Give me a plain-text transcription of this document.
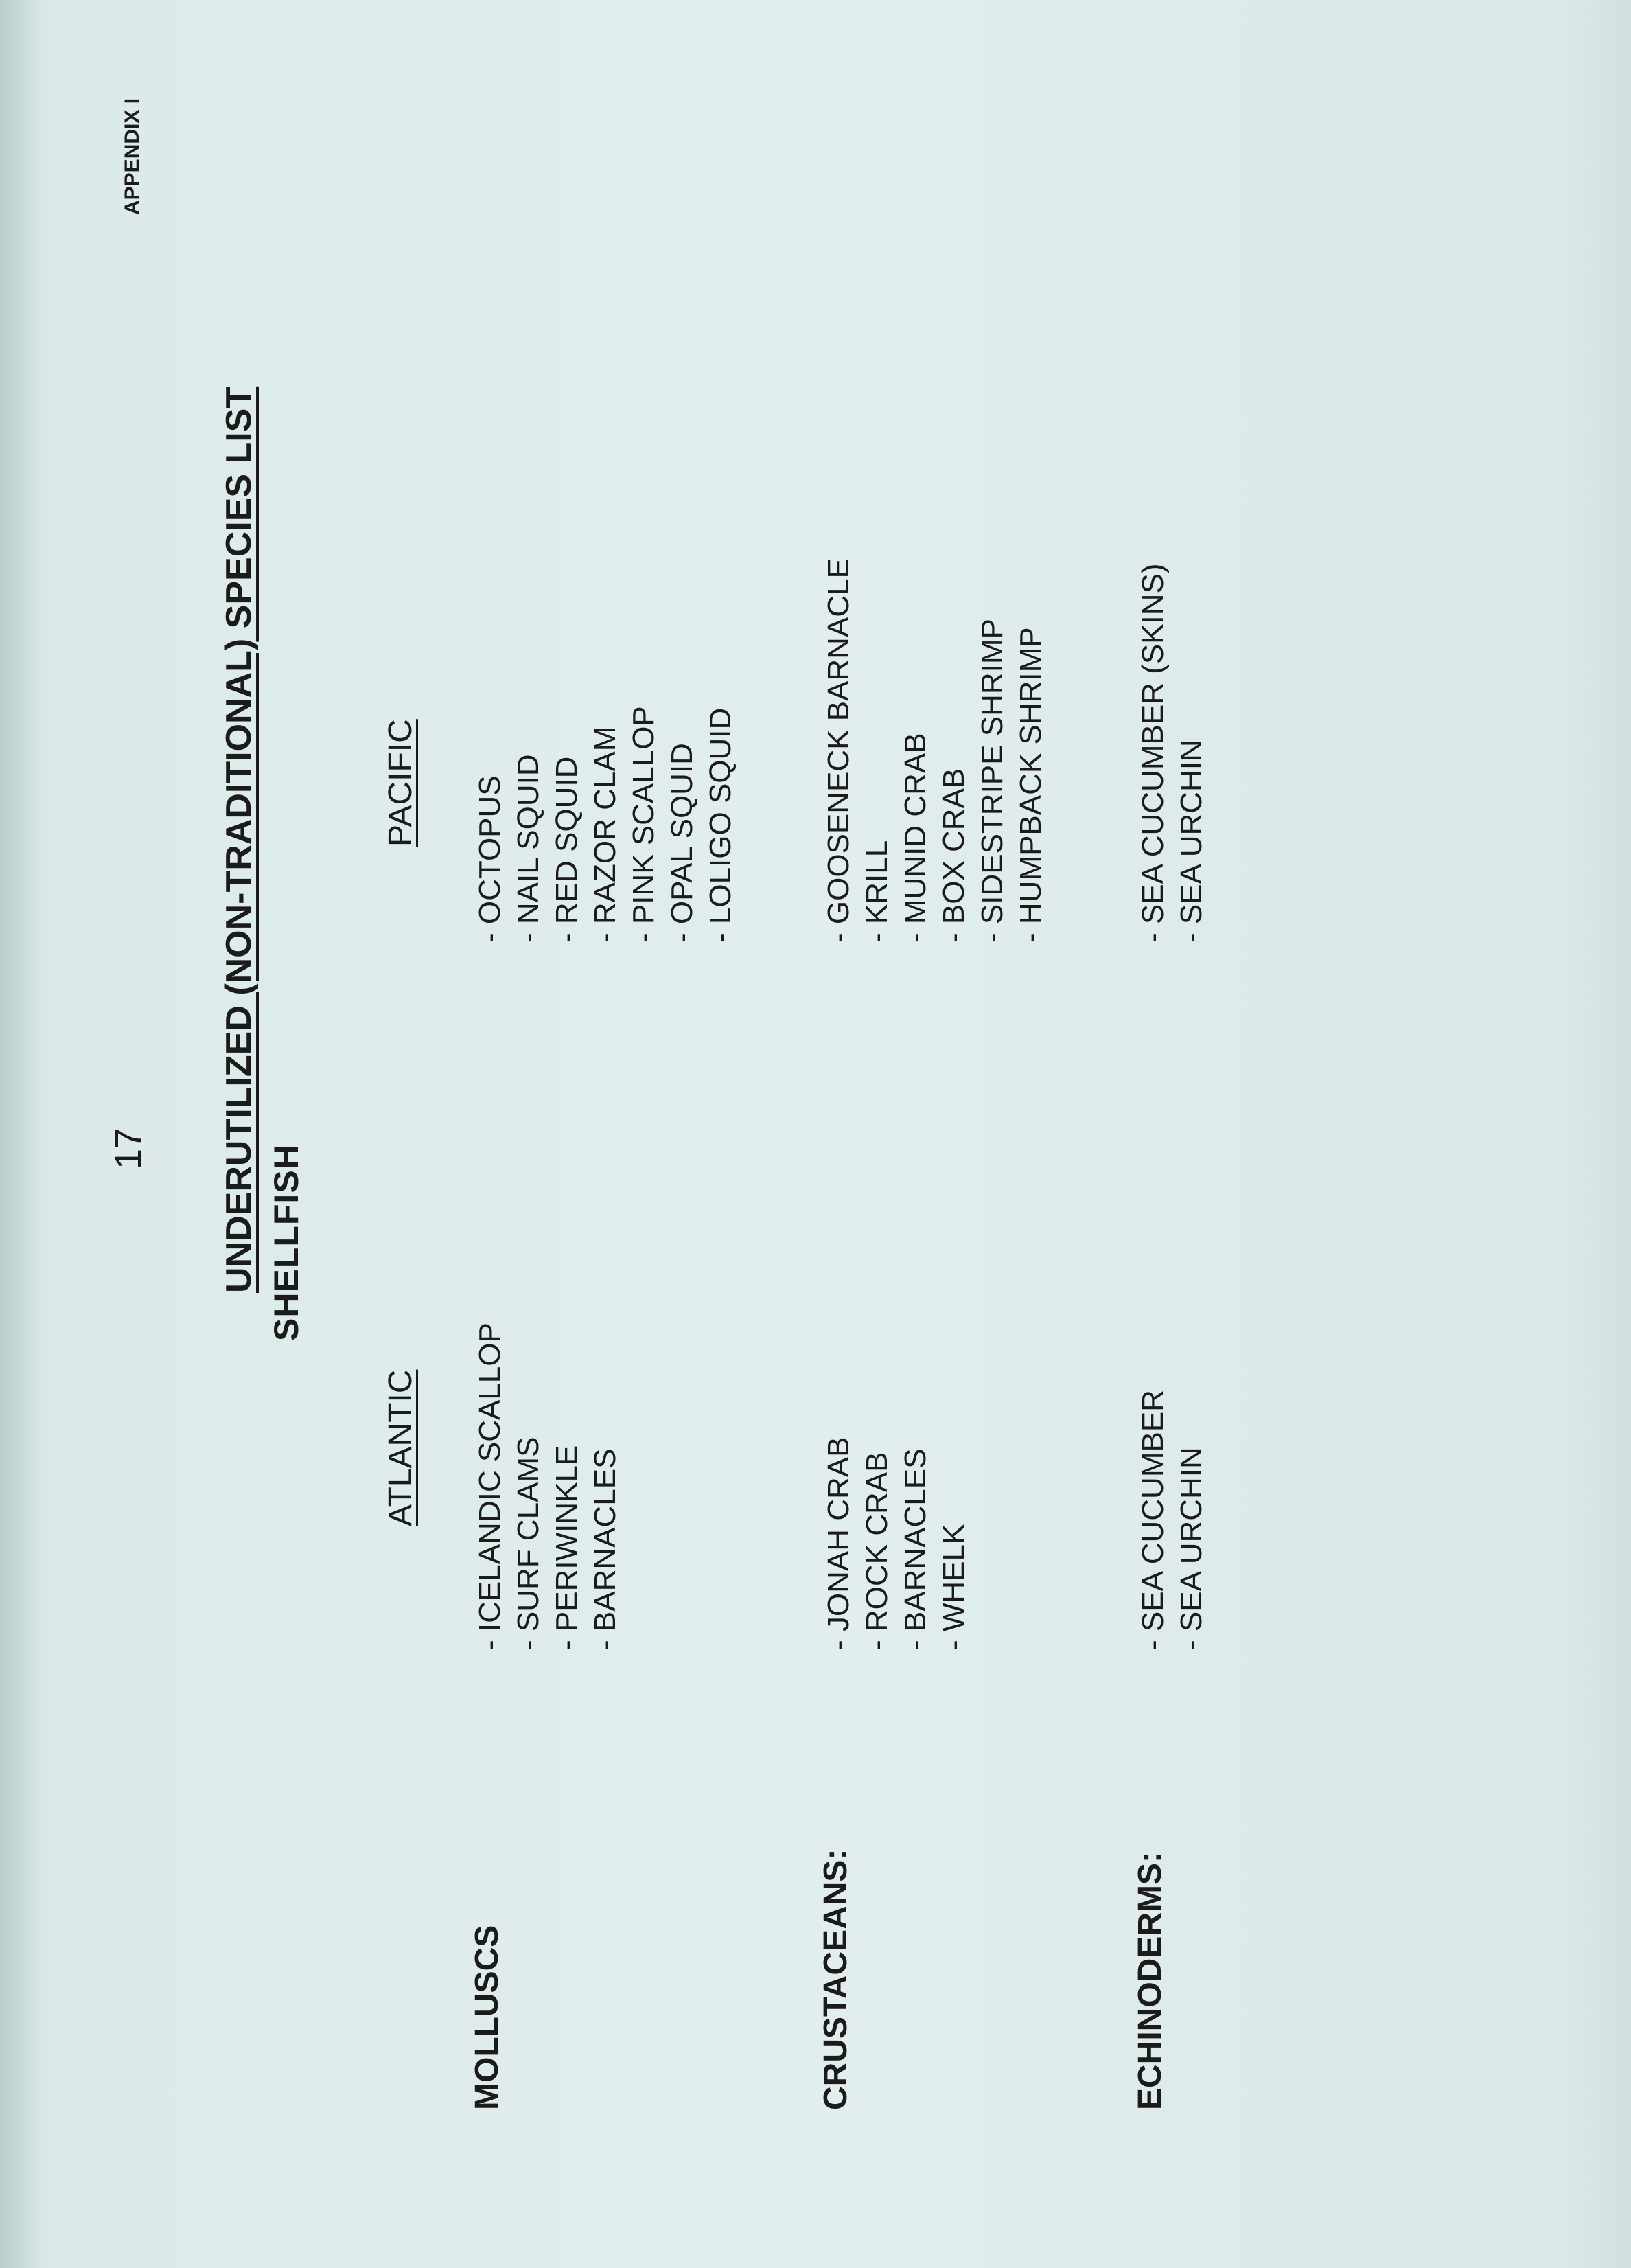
APPENDIX I
17 UNDERUTILIZED (NON-TRADITIONAL) SPECIES LIST SHELLFISH
ATLANTIC
PACIFIC
MOLLUSCS
- ICELANDIC SCALLOP - SURF CLAMS - PERIWINKLE - BARNACLES
- OCTOPUS - NAIL SQUID - RED SQUID - RAZOR CLAM - PINK SCALLOP - OPAL SQUID - LOLIGO SQUID
CRUSTACEANS:
- JONAH CRAB - ROCK CRAB - BARNACLES - WHELK
- GOOSENECK BARNACLE - KRILL - MUNID CRAB - BOX CRAB - SIDESTRIPE SHRIMP - HUMPBACK SHRIMP
ECHINODERMS:
- SEA CUCUMBER - SEA URCHIN
- SEA CUCUMBER (SKINS) - SEA URCHIN
